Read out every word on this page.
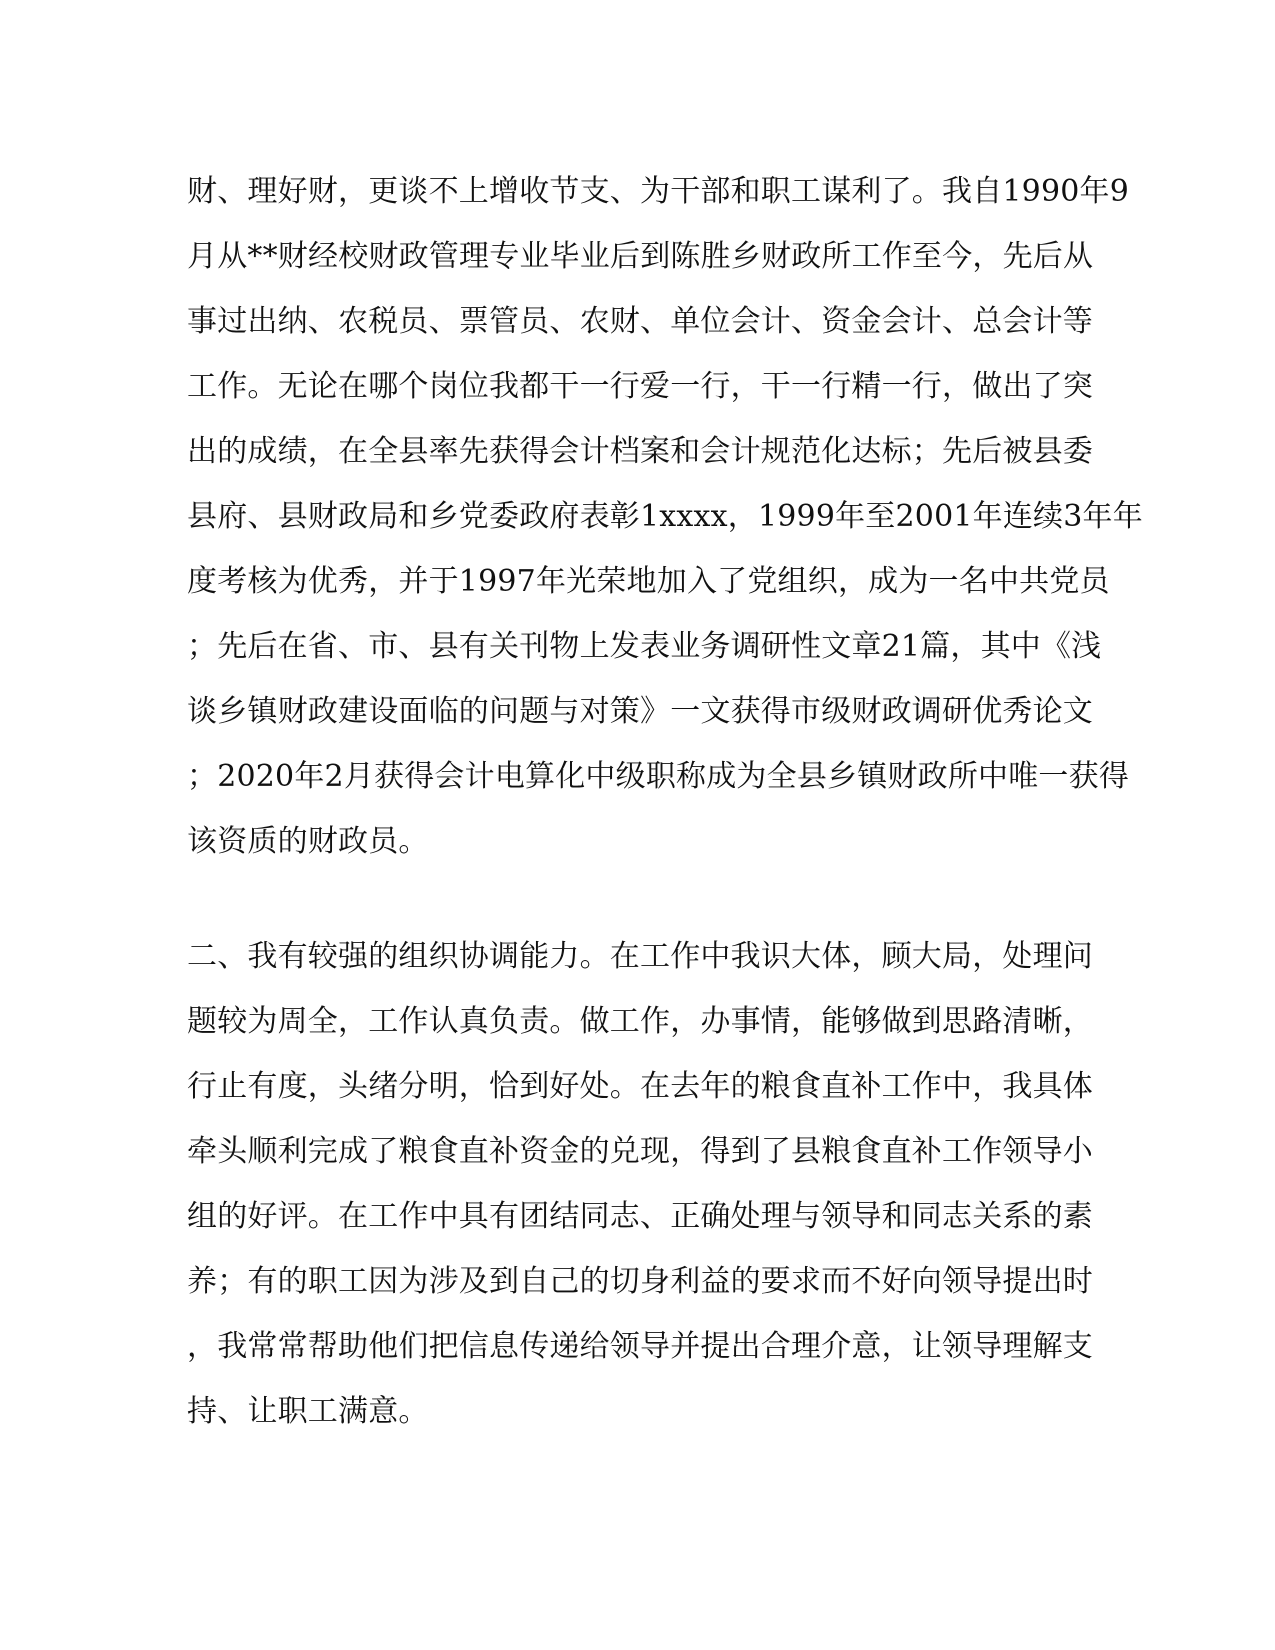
财、理好财，更谈不上增收节支、为干部和职工谋利了。我自1990年9
月从**财经校财政管理专业毕业后到陈胜乡财政所工作至今，先后从
事过出纳、农税员、票管员、农财、单位会计、资金会计、总会计等
工作。无论在哪个岗位我都干一行爱一行，干一行精一行，做出了突
出的成绩，在全县率先获得会计档案和会计规范化达标；先后被县委
县府、县财政局和乡党委政府表彰1xxxx，1999年至2001年连续3年年
度考核为优秀，并于1997年光荣地加入了党组织，成为一名中共党员
；先后在省、市、县有关刊物上发表业务调研性文章21篇，其中《浅
谈乡镇财政建设面临的问题与对策》一文获得市级财政调研优秀论文
；2020年2月获得会计电算化中级职称成为全县乡镇财政所中唯一获得
该资质的财政员。
二、我有较强的组织协调能力。在工作中我识大体，顾大局，处理问
题较为周全，工作认真负责。做工作，办事情，能够做到思路清晰，
行止有度，头绪分明，恰到好处。在去年的粮食直补工作中，我具体
牵头顺利完成了粮食直补资金的兑现，得到了县粮食直补工作领导小
组的好评。在工作中具有团结同志、正确处理与领导和同志关系的素
养；有的职工因为涉及到自己的切身利益的要求而不好向领导提出时
，我常常帮助他们把信息传递给领导并提出合理介意，让领导理解支
持、让职工满意。
